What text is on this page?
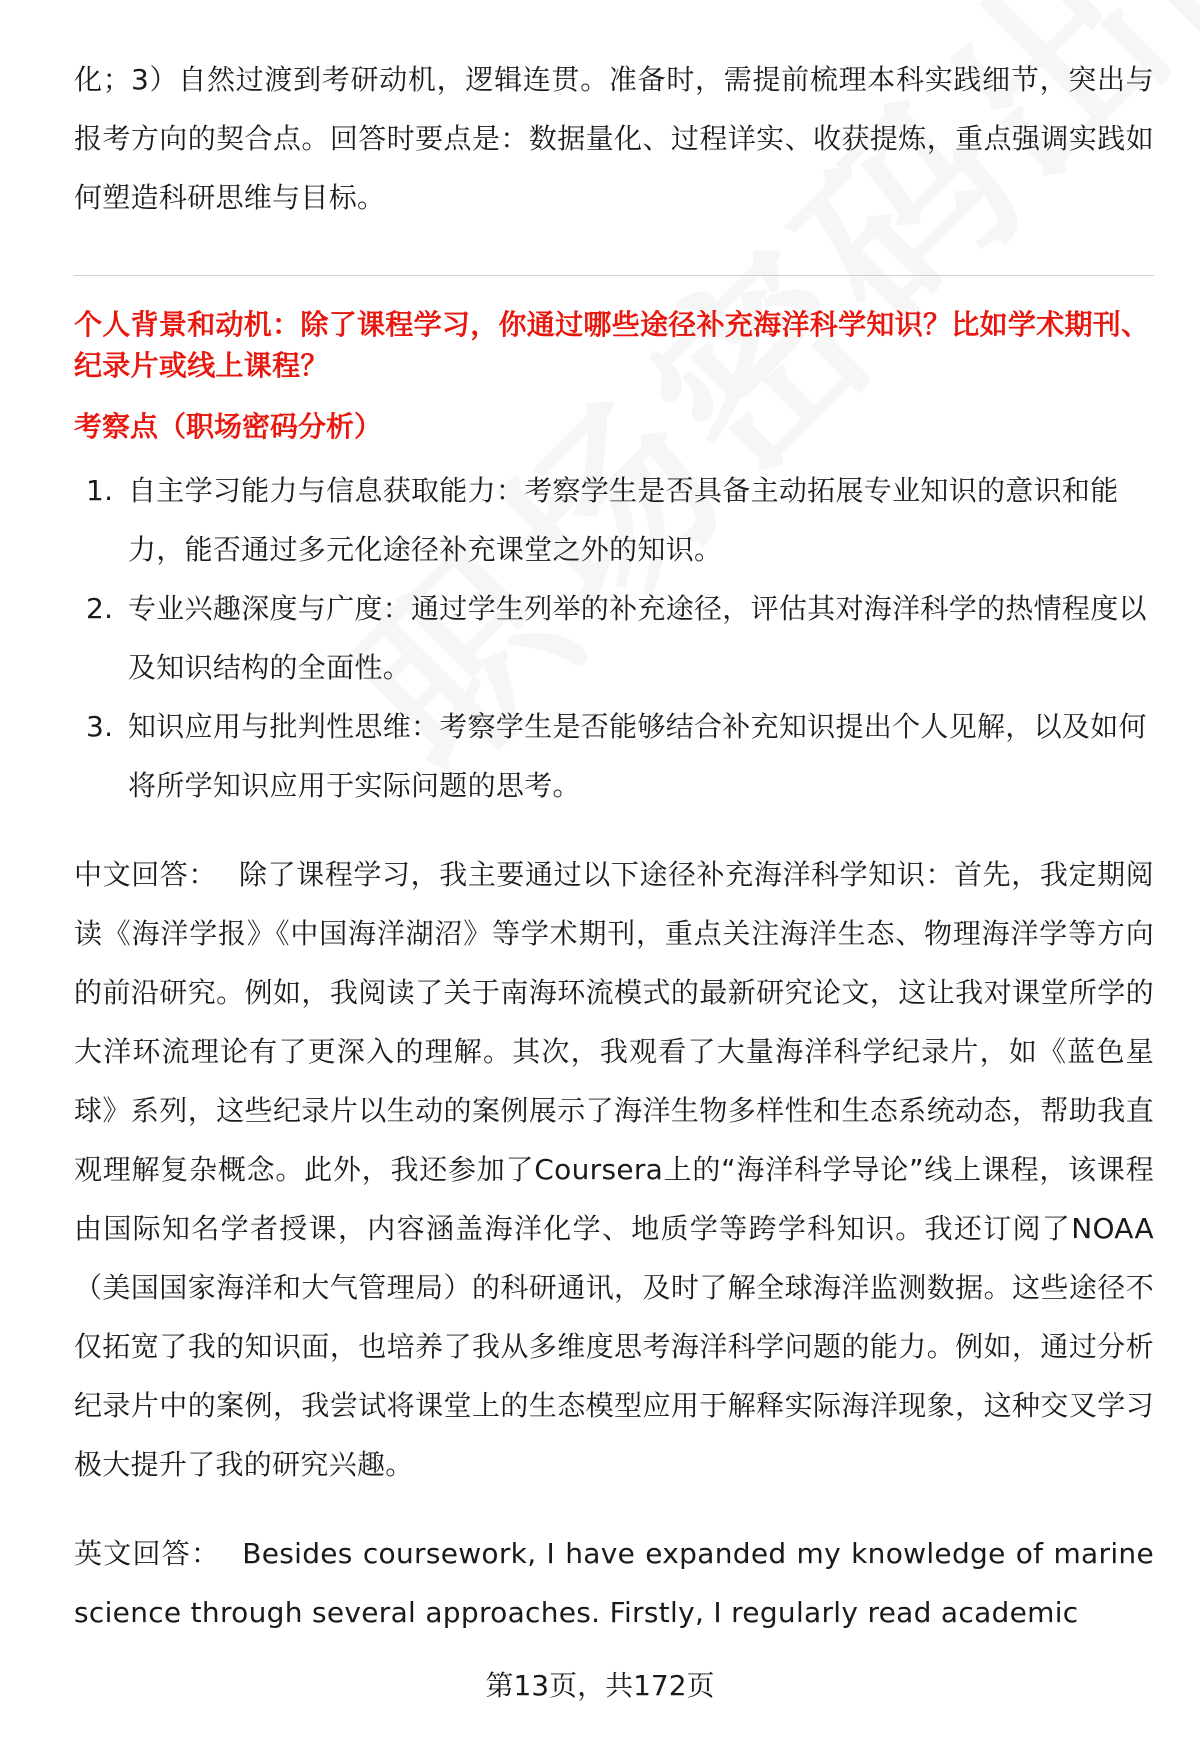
化；3）自然过渡到考研动机，逻辑连贯。准备时，需提前梳理本科实践细节，突出与报考方向的契合点。回答时要点是：数据量化、过程详实、收获提炼，重点强调实践如何塑造科研思维与目标。

个人背景和动机：除了课程学习，你通过哪些途径补充海洋科学知识？比如学术期刊、纪录片或线上课程？

考察点（职场密码分析）

1. 自主学习能力与信息获取能力：考察学生是否具备主动拓展专业知识的意识和能力，能否通过多元化途径补充课堂之外的知识。
2. 专业兴趣深度与广度：通过学生列举的补充途径，评估其对海洋科学的热情程度以及知识结构的全面性。
3. 知识应用与批判性思维：考察学生是否能够结合补充知识提出个人见解，以及如何将所学知识应用于实际问题的思考。

中文回答： 除了课程学习，我主要通过以下途径补充海洋科学知识：首先，我定期阅读《海洋学报》《中国海洋湖沼》等学术期刊，重点关注海洋生态、物理海洋学等方向的前沿研究。例如，我阅读了关于南海环流模式的最新研究论文，这让我对课堂所学的大洋环流理论有了更深入的理解。其次，我观看了大量海洋科学纪录片，如《蓝色星球》系列，这些纪录片以生动的案例展示了海洋生物多样性和生态系统动态，帮助我直观理解复杂概念。此外，我还参加了Coursera上的“海洋科学导论”线上课程，该课程由国际知名学者授课，内容涵盖海洋化学、地质学等跨学科知识。我还订阅了NOAA（美国国家海洋和大气管理局）的科研通讯，及时了解全球海洋监测数据。这些途径不仅拓宽了我的知识面，也培养了我从多维度思考海洋科学问题的能力。例如，通过分析纪录片中的案例，我尝试将课堂上的生态模型应用于解释实际海洋现象，这种交叉学习极大提升了我的研究兴趣。

英文回答： Besides coursework, I have expanded my knowledge of marine science through several approaches. Firstly, I regularly read academic

第13页，共172页
